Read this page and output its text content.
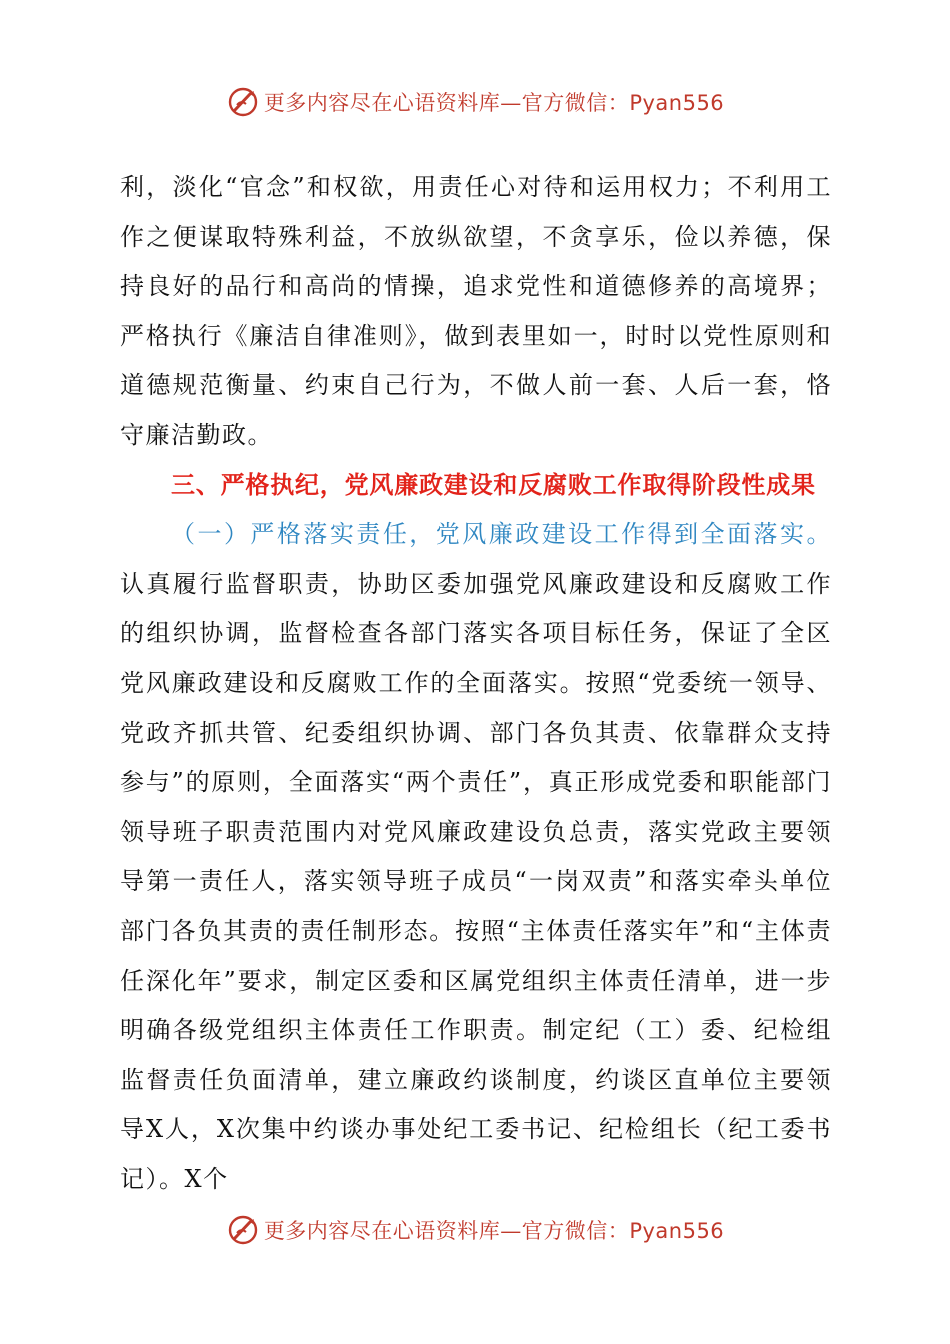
更多内容尽在心语资料库—官方微信：Pyan556

利，淡化“官念”和权欲，用责任心对待和运用权力；不利用工作之便谋取特殊利益，不放纵欲望，不贪享乐，俭以养德，保持良好的品行和高尚的情操，追求党性和道德修养的高境界；严格执行《廉洁自律准则》，做到表里如一，时时以党性原则和道德规范衡量、约束自己行为，不做人前一套、人后一套，恪守廉洁勤政。

三、严格执纪，党风廉政建设和反腐败工作取得阶段性成果

（一）严格落实责任，党风廉政建设工作得到全面落实。认真履行监督职责，协助区委加强党风廉政建设和反腐败工作的组织协调，监督检查各部门落实各项目标任务，保证了全区党风廉政建设和反腐败工作的全面落实。按照“党委统一领导、党政齐抓共管、纪委组织协调、部门各负其责、依靠群众支持参与”的原则，全面落实“两个责任”，真正形成党委和职能部门领导班子职责范围内对党风廉政建设负总责，落实党政主要领导第一责任人，落实领导班子成员“一岗双责”和落实牵头单位部门各负其责的责任制形态。按照“主体责任落实年”和“主体责任深化年”要求，制定区委和区属党组织主体责任清单，进一步明确各级党组织主体责任工作职责。制定纪（工）委、纪检组监督责任负面清单，建立廉政约谈制度，约谈区直单位主要领导X人，X次集中约谈办事处纪工委书记、纪检组长（纪工委书记）。X个

更多内容尽在心语资料库—官方微信：Pyan556
